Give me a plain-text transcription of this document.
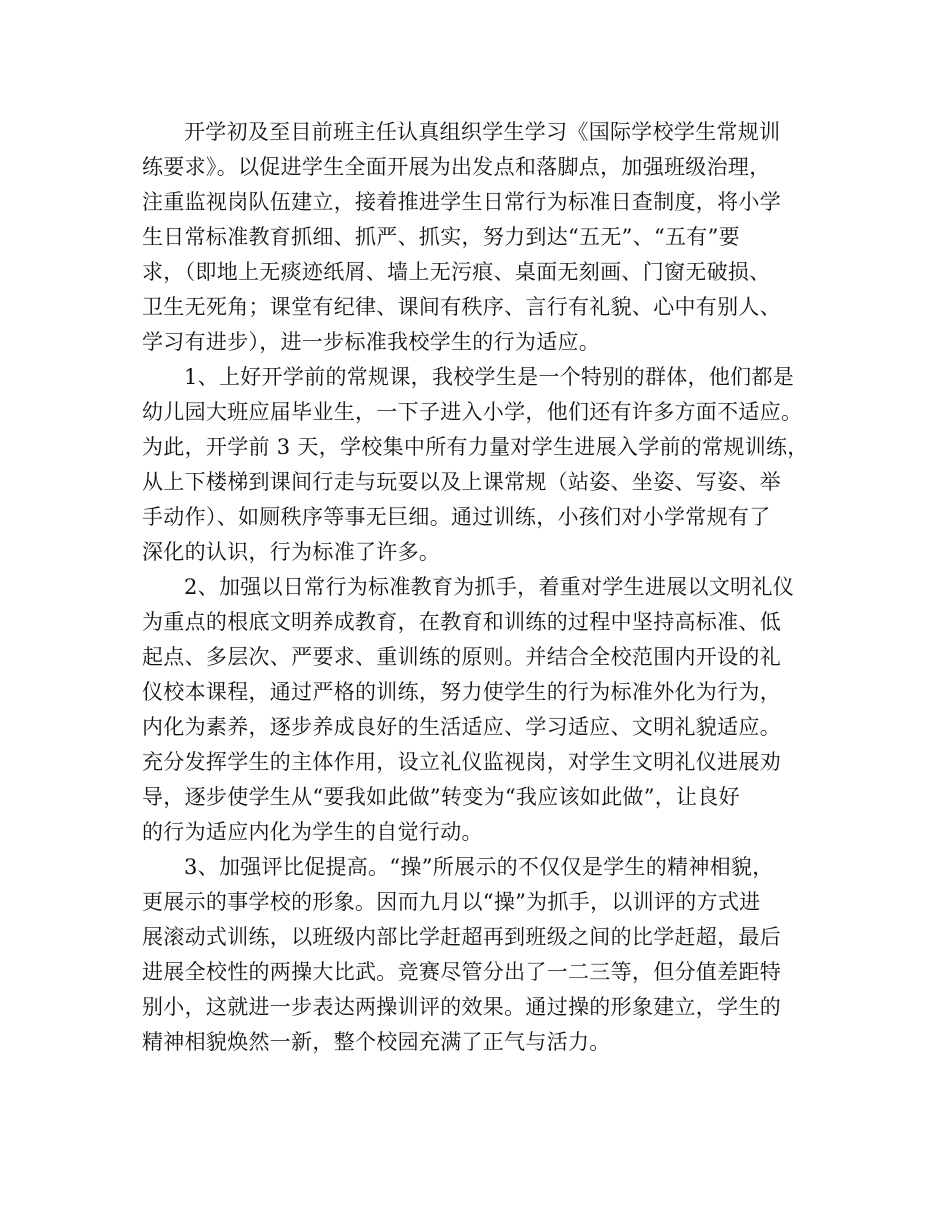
开学初及至目前班主任认真组织学生学习《国际学校学生常规训
练要求》。以促进学生全面开展为出发点和落脚点，加强班级治理，
注重监视岗队伍建立，接着推进学生日常行为标准日查制度，将小学
生日常标准教育抓细、抓严、抓实，努力到达“五无”、“五有”要
求，（即地上无痰迹纸屑、墙上无污痕、桌面无刻画、门窗无破损、
卫生无死角；课堂有纪律、课间有秩序、言行有礼貌、心中有别人、
学习有进步），进一步标准我校学生的行为适应。
1、上好开学前的常规课，我校学生是一个特别的群体，他们都是
幼儿园大班应届毕业生，一下子进入小学，他们还有许多方面不适应。
为此，开学前 3 天，学校集中所有力量对学生进展入学前的常规训练，
从上下楼梯到课间行走与玩耍以及上课常规（站姿、坐姿、写姿、举
手动作）、如厕秩序等事无巨细。通过训练，小孩们对小学常规有了
深化的认识，行为标准了许多。
2、加强以日常行为标准教育为抓手，着重对学生进展以文明礼仪
为重点的根底文明养成教育，在教育和训练的过程中坚持高标准、低
起点、多层次、严要求、重训练的原则。并结合全校范围内开设的礼
仪校本课程，通过严格的训练，努力使学生的行为标准外化为行为，
内化为素养，逐步养成良好的生活适应、学习适应、文明礼貌适应。
充分发挥学生的主体作用，设立礼仪监视岗，对学生文明礼仪进展劝
导，逐步使学生从“要我如此做”转变为“我应该如此做”，让良好
的行为适应内化为学生的自觉行动。
3、加强评比促提高。“操”所展示的不仅仅是学生的精神相貌，
更展示的事学校的形象。因而九月以“操”为抓手，以训评的方式进
展滚动式训练，以班级内部比学赶超再到班级之间的比学赶超，最后
进展全校性的两操大比武。竞赛尽管分出了一二三等，但分值差距特
别小，这就进一步表达两操训评的效果。通过操的形象建立，学生的
精神相貌焕然一新，整个校园充满了正气与活力。
